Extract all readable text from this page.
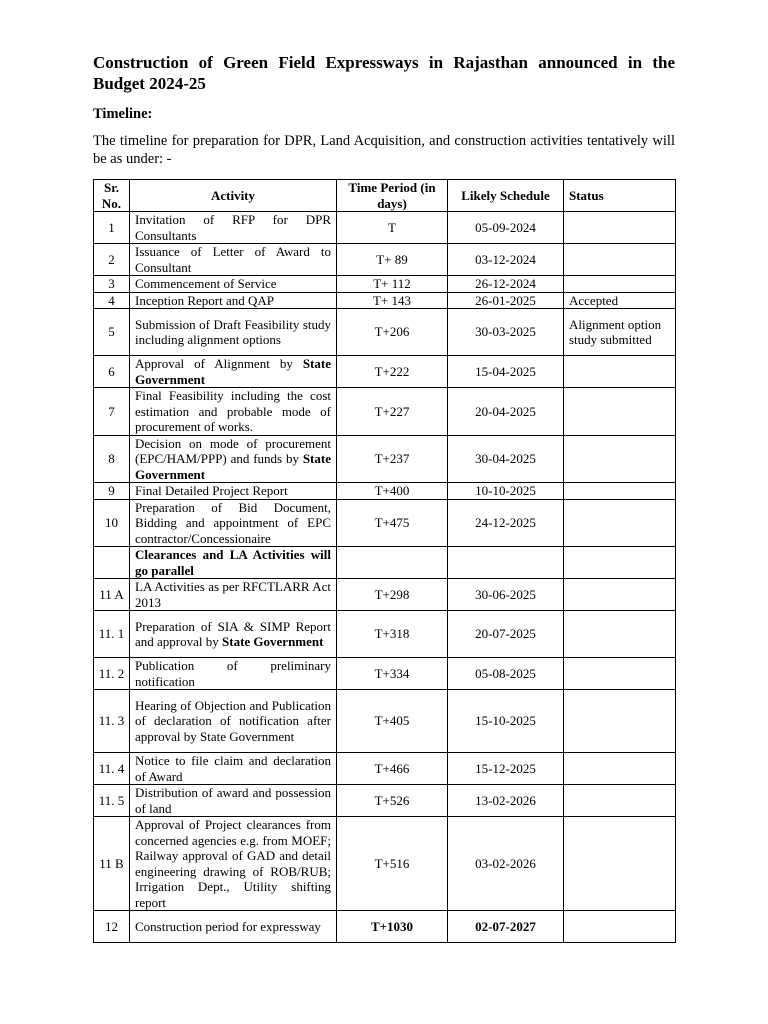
Construction of Green Field Expressways in Rajasthan announced in the Budget 2024-25

Timeline:

The timeline for preparation for DPR, Land Acquisition, and construction activities tentatively will be as under: -

Sr. No.	Activity	Time Period (in days)	Likely Schedule	Status
1	Invitation of RFP for DPR Consultants	T	05-09-2024	
2	Issuance of Letter of Award to Consultant	T+ 89	03-12-2024	
3	Commencement of Service	T+ 112	26-12-2024	
4	Inception Report and QAP	T+ 143	26-01-2025	Accepted
5	Submission of Draft Feasibility study including alignment options	T+206	30-03-2025	Alignment option study submitted
6	Approval of Alignment by State Government	T+222	15-04-2025	
7	Final Feasibility including the cost estimation and probable mode of procurement of works.	T+227	20-04-2025	
8	Decision on mode of procurement (EPC/HAM/PPP) and funds by State Government	T+237	30-04-2025	
9	Final Detailed Project Report	T+400	10-10-2025	
10	Preparation of Bid Document, Bidding and appointment of EPC contractor/Concessionaire	T+475	24-12-2025	
	Clearances and LA Activities will go parallel			
11 A	LA Activities as per RFCTLARR Act 2013	T+298	30-06-2025	
11. 1	Preparation of SIA & SIMP Report and approval by State Government	T+318	20-07-2025	
11. 2	Publication of preliminary notification	T+334	05-08-2025	
11. 3	Hearing of Objection and Publication of declaration of notification after approval by State Government	T+405	15-10-2025	
11. 4	Notice to file claim and declaration of Award	T+466	15-12-2025	
11. 5	Distribution of award and possession of land	T+526	13-02-2026	
11 B	Approval of Project clearances from concerned agencies e.g. from MOEF; Railway approval of GAD and detail engineering drawing of ROB/RUB; Irrigation Dept., Utility shifting report	T+516	03-02-2026	
12	Construction period for expressway	T+1030	02-07-2027	
